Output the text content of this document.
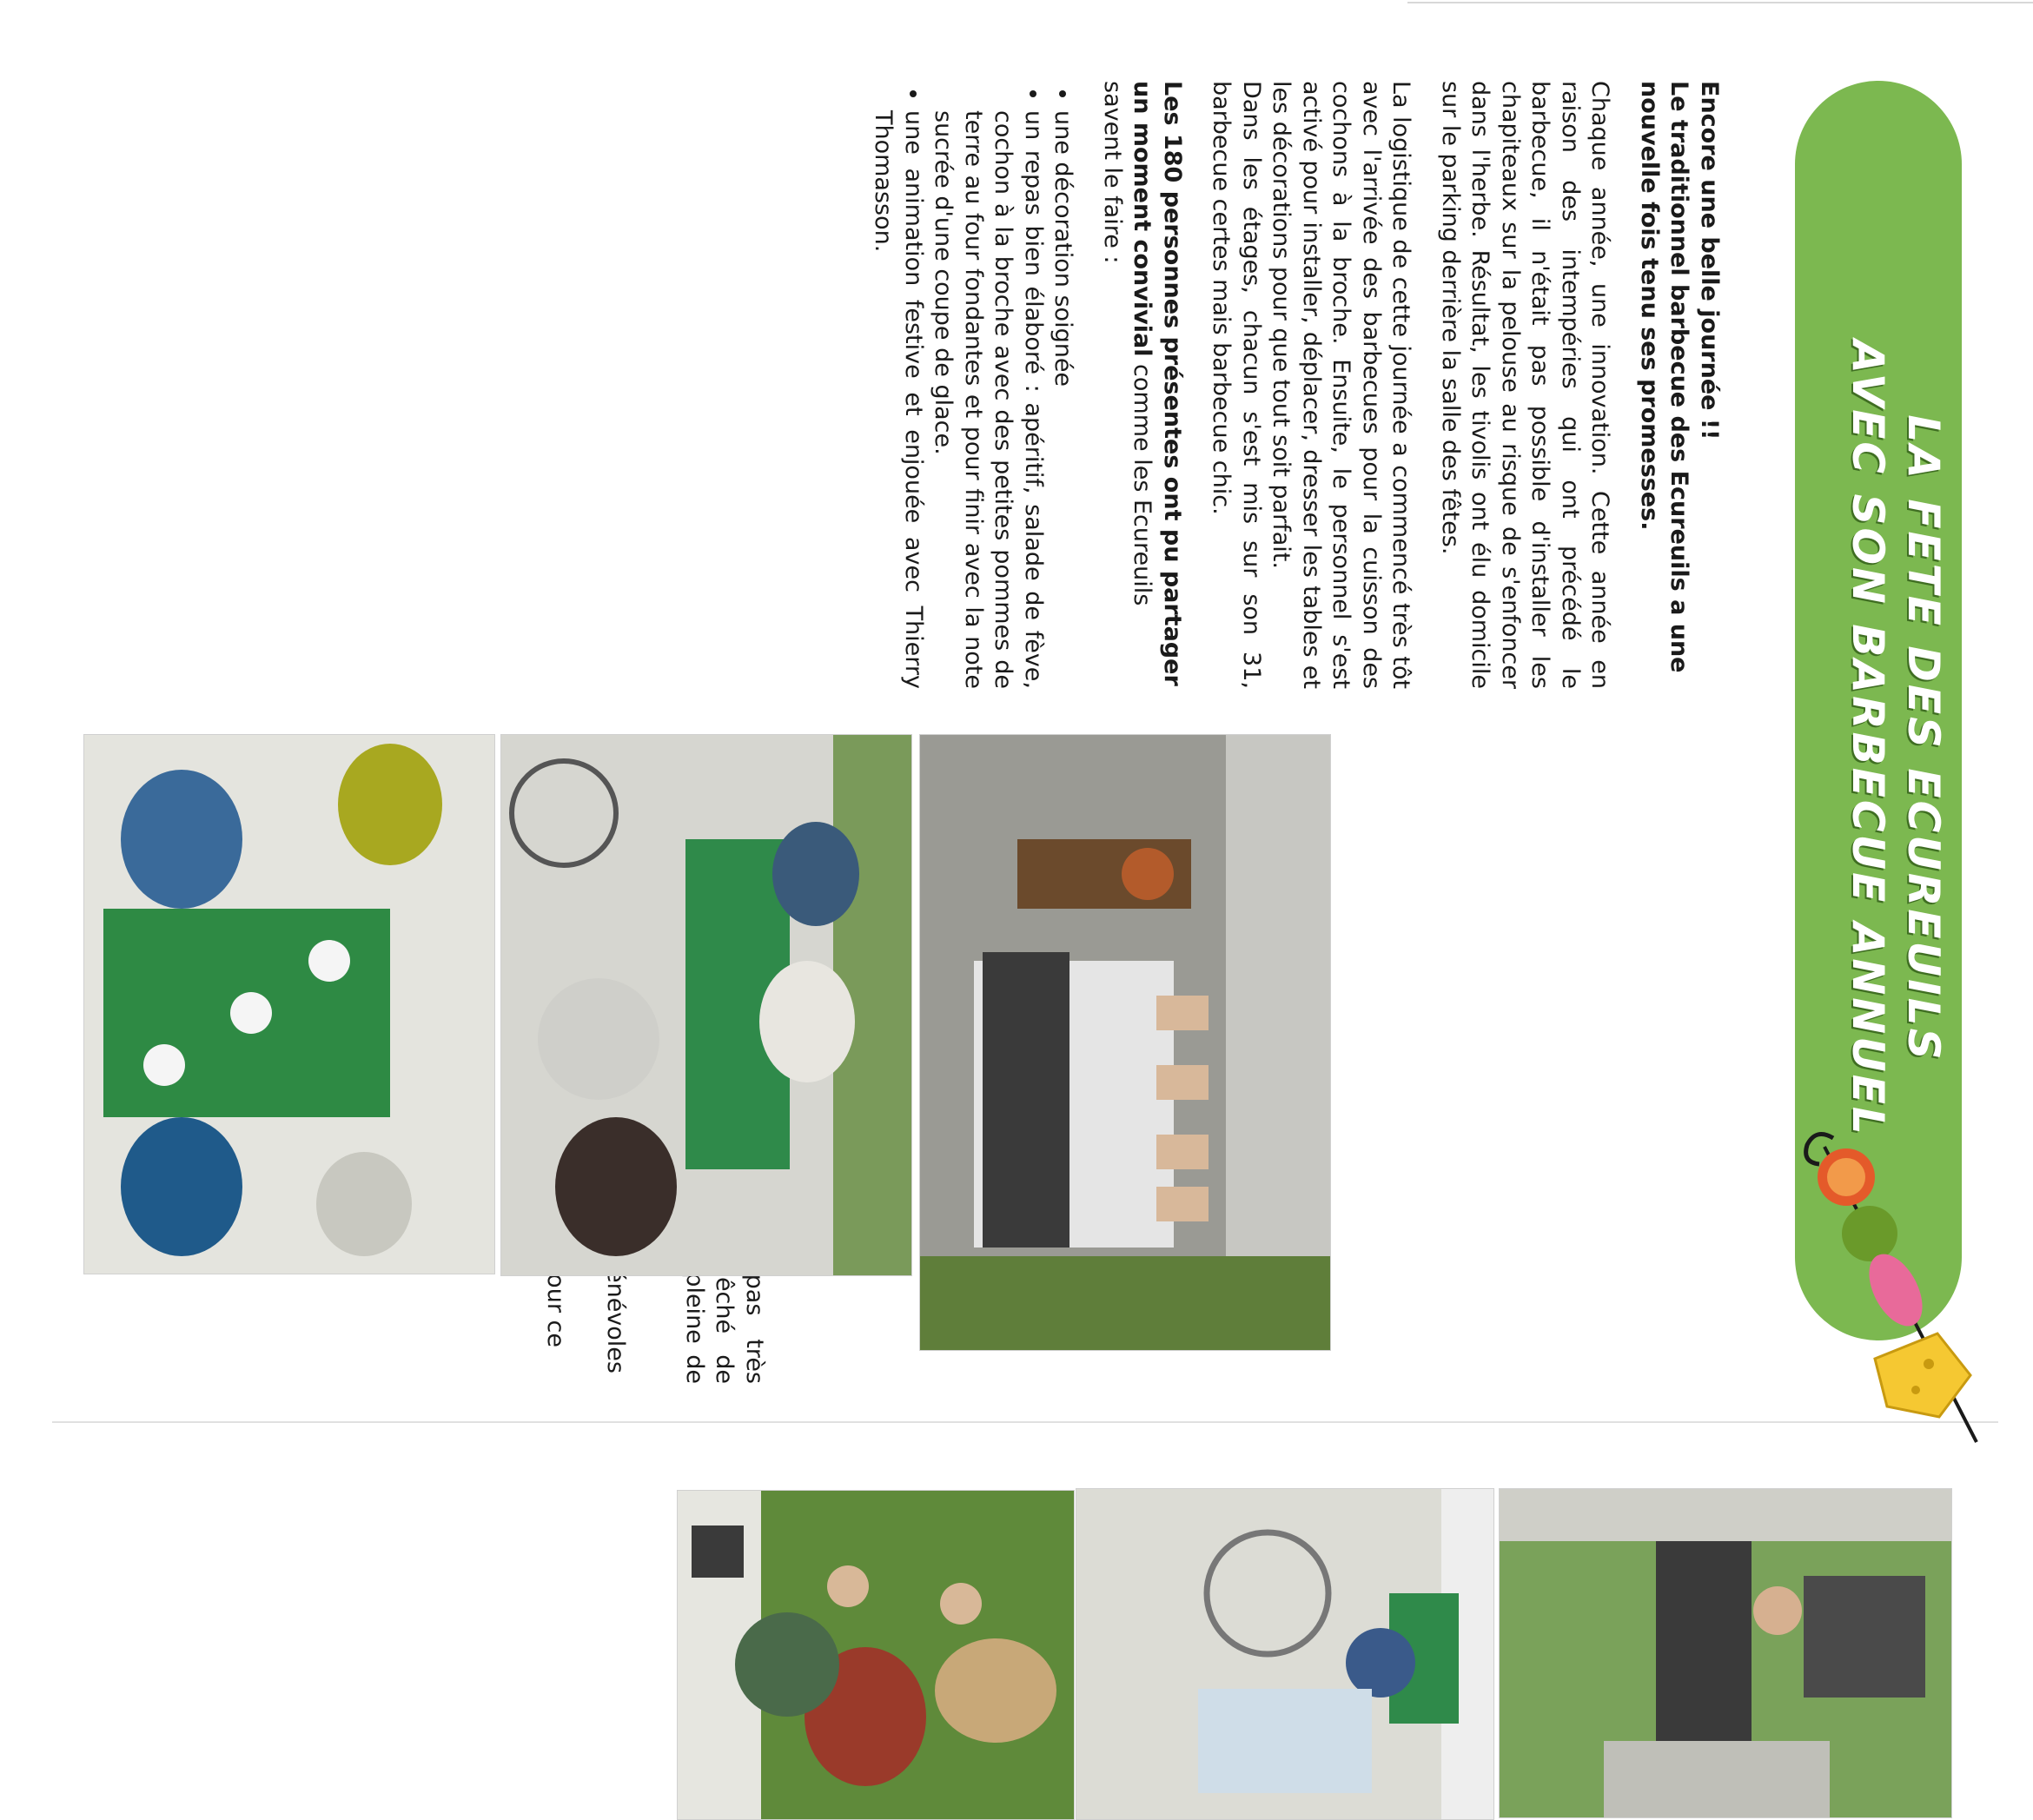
LA FETE DES ECUREUILS
AVEC SON BARBECUE ANNUEL

Encore une belle journée !!
Le traditionnel barbecue des Ecureuils a une nouvelle fois tenu ses promesses.

Chaque année, une innovation. Cette année en raison des intempéries qui ont précédé le barbecue, il n'était pas possible d'installer les chapiteaux sur la pelouse au risque de s'enfoncer dans l'herbe. Résultat, les tivolis ont élu domicile sur le parking derrière la salle des fêtes.

La logistique de cette journée a commencé très tôt avec l'arrivée des barbecues pour la cuisson des cochons à la broche. Ensuite, le personnel s'est activé pour installer, déplacer, dresser les tables et les décorations pour que tout soit parfait.

Dans les étages, chacun s'est mis sur son 31, barbecue certes mais barbecue chic.

Les 180 personnes présentes ont pu partager un moment convivial comme les Ecureuils savent le faire :

• une décoration soignée
• un repas bien élaboré : apéritif, salade de fève, cochon à la broche avec des petites pommes de terre au four fondantes et pour finir avec la note sucrée d'une coupe de glace.
• une animation festive et enjouée avec Thierry Thomasson.

pas très empêché de pleine de
